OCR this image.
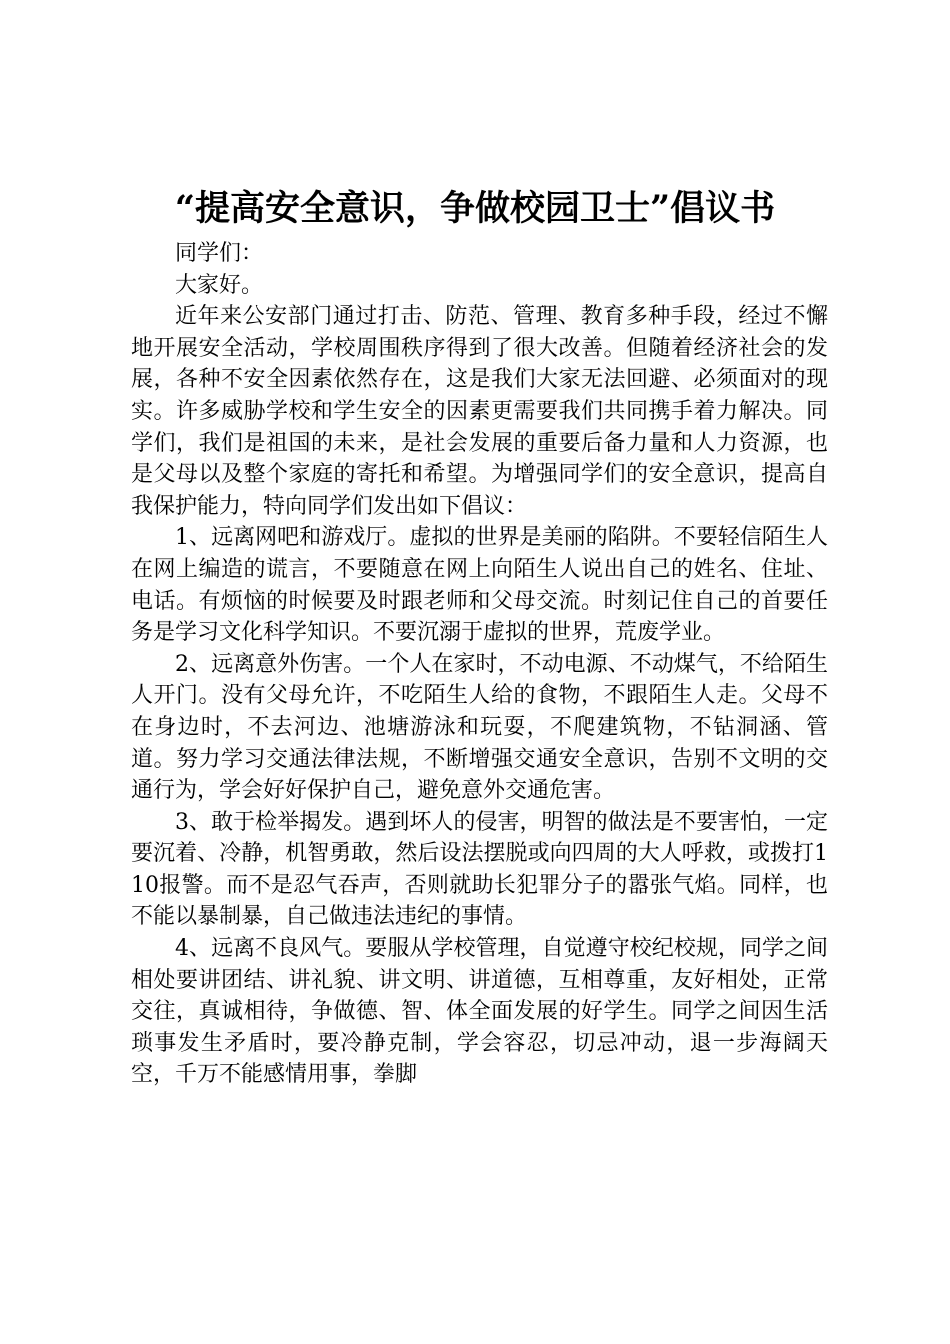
“提高安全意识，争做校园卫士”倡议书

同学们：

大家好。

近年来公安部门通过打击、防范、管理、教育多种手段，经过不懈地开展安全活动，学校周围秩序得到了很大改善。但随着经济社会的发展，各种不安全因素依然存在，这是我们大家无法回避、必须面对的现实。许多威胁学校和学生安全的因素更需要我们共同携手着力解决。同学们，我们是祖国的未来，是社会发展的重要后备力量和人力资源，也是父母以及整个家庭的寄托和希望。为增强同学们的安全意识，提高自我保护能力，特向同学们发出如下倡议：

1、远离网吧和游戏厅。虚拟的世界是美丽的陷阱。不要轻信陌生人在网上编造的谎言，不要随意在网上向陌生人说出自己的姓名、住址、电话。有烦恼的时候要及时跟老师和父母交流。时刻记住自己的首要任务是学习文化科学知识。不要沉溺于虚拟的世界，荒废学业。

2、远离意外伤害。一个人在家时，不动电源、不动煤气，不给陌生人开门。没有父母允许，不吃陌生人给的食物，不跟陌生人走。父母不在身边时，不去河边、池塘游泳和玩耍，不爬建筑物，不钻洞涵、管道。努力学习交通法律法规，不断增强交通安全意识，告别不文明的交通行为，学会好好保护自己，避免意外交通危害。

3、敢于检举揭发。遇到坏人的侵害，明智的做法是不要害怕，一定要沉着、冷静，机智勇敢，然后设法摆脱或向四周的大人呼救，或拨打110报警。而不是忍气吞声，否则就助长犯罪分子的嚣张气焰。同样，也不能以暴制暴，自己做违法违纪的事情。

4、远离不良风气。要服从学校管理，自觉遵守校纪校规，同学之间相处要讲团结、讲礼貌、讲文明、讲道德，互相尊重，友好相处，正常交往，真诚相待，争做德、智、体全面发展的好学生。同学之间因生活琐事发生矛盾时，要冷静克制，学会容忍，切忌冲动，退一步海阔天空，千万不能感情用事，拳脚
